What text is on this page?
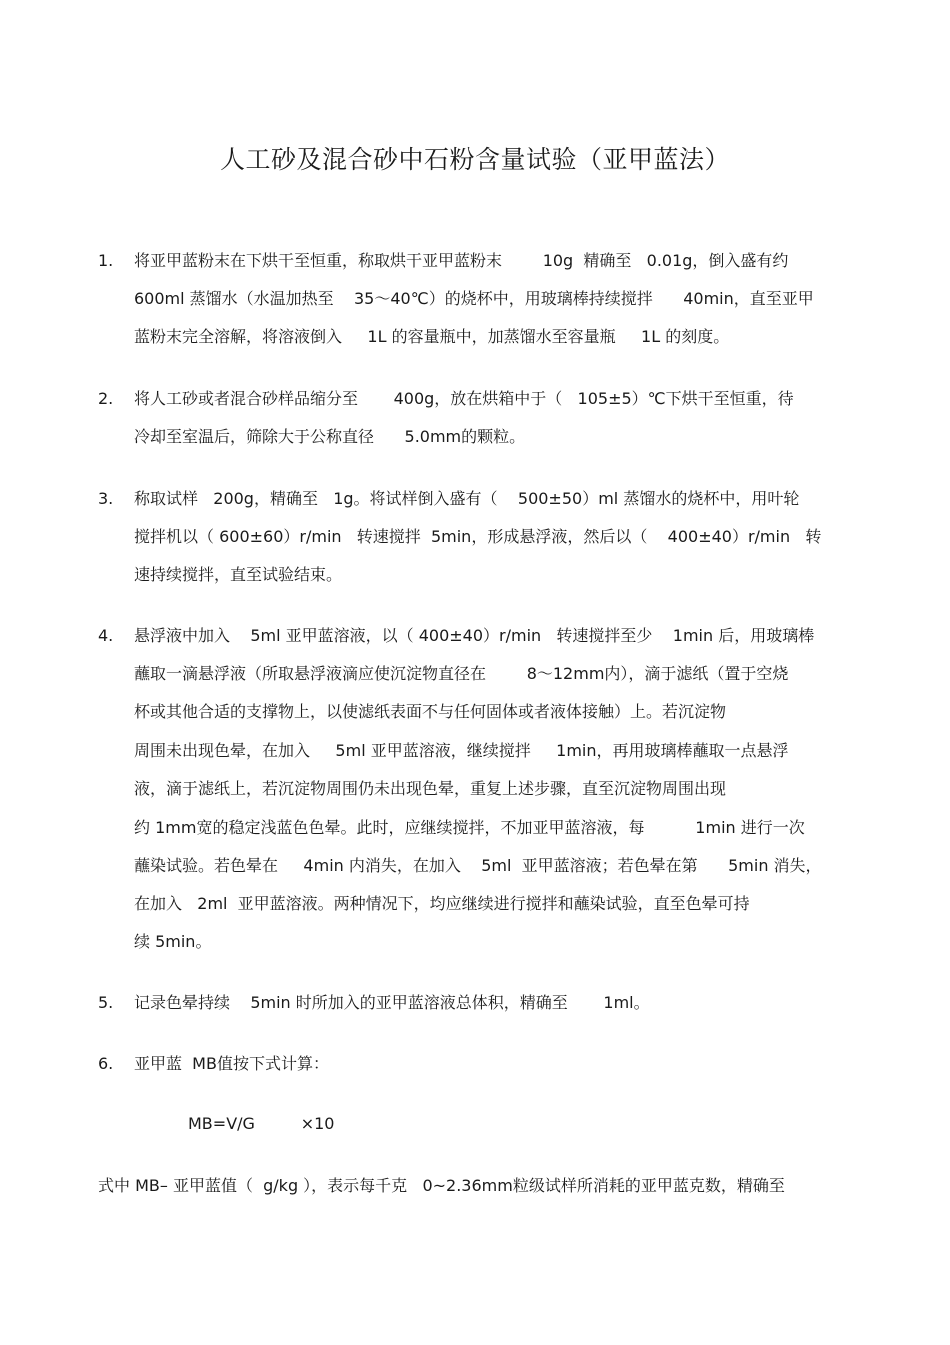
人工砂及混合砂中石粉含量试验（亚甲蓝法）
1. 将亚甲蓝粉末在下烘干至恒重，称取烘干亚甲蓝粉末        10g  精确至   0.01g，倒入盛有约
600ml 蒸馏水（水温加热至    35～40℃）的烧杯中，用玻璃棒持续搅拌      40min，直至亚甲
蓝粉末完全溶解，将溶液倒入     1L 的容量瓶中，加蒸馏水至容量瓶     1L 的刻度。
2. 将人工砂或者混合砂样品缩分至       400g，放在烘箱中于（   105±5）℃下烘干至恒重，待
冷却至室温后，筛除大于公称直径      5.0mm的颗粒。
3. 称取试样   200g，精确至   1g。将试样倒入盛有（    500±50）ml 蒸馏水的烧杯中，用叶轮
搅拌机以（ 600±60）r/min   转速搅拌  5min，形成悬浮液，然后以（    400±40）r/min   转
速持续搅拌，直至试验结束。
4. 悬浮液中加入    5ml 亚甲蓝溶液，以（ 400±40）r/min   转速搅拌至少    1min 后，用玻璃棒
蘸取一滴悬浮液（所取悬浮液滴应使沉淀物直径在        8～12mm内），滴于滤纸（置于空烧
杯或其他合适的支撑物上，以使滤纸表面不与任何固体或者液体接触）上。若沉淀物
周围未出现色晕，在加入     5ml 亚甲蓝溶液，继续搅拌     1min，再用玻璃棒蘸取一点悬浮
液，滴于滤纸上，若沉淀物周围仍未出现色晕，重复上述步骤，直至沉淀物周围出现
约 1mm宽的稳定浅蓝色色晕。此时，应继续搅拌，不加亚甲蓝溶液，每          1min 进行一次
蘸染试验。若色晕在     4min 内消失，在加入    5ml  亚甲蓝溶液；若色晕在第      5min 消失，
在加入   2ml  亚甲蓝溶液。两种情况下，均应继续进行搅拌和蘸染试验，直至色晕可持
续 5min。
5. 记录色晕持续    5min 时所加入的亚甲蓝溶液总体积，精确至       1ml。
6. 亚甲蓝  MB值按下式计算：
MB=V/G         ×10
式中 MB– 亚甲蓝值（  g/kg ），表示每千克   0~2.36mm粒级试样所消耗的亚甲蓝克数，精确至
